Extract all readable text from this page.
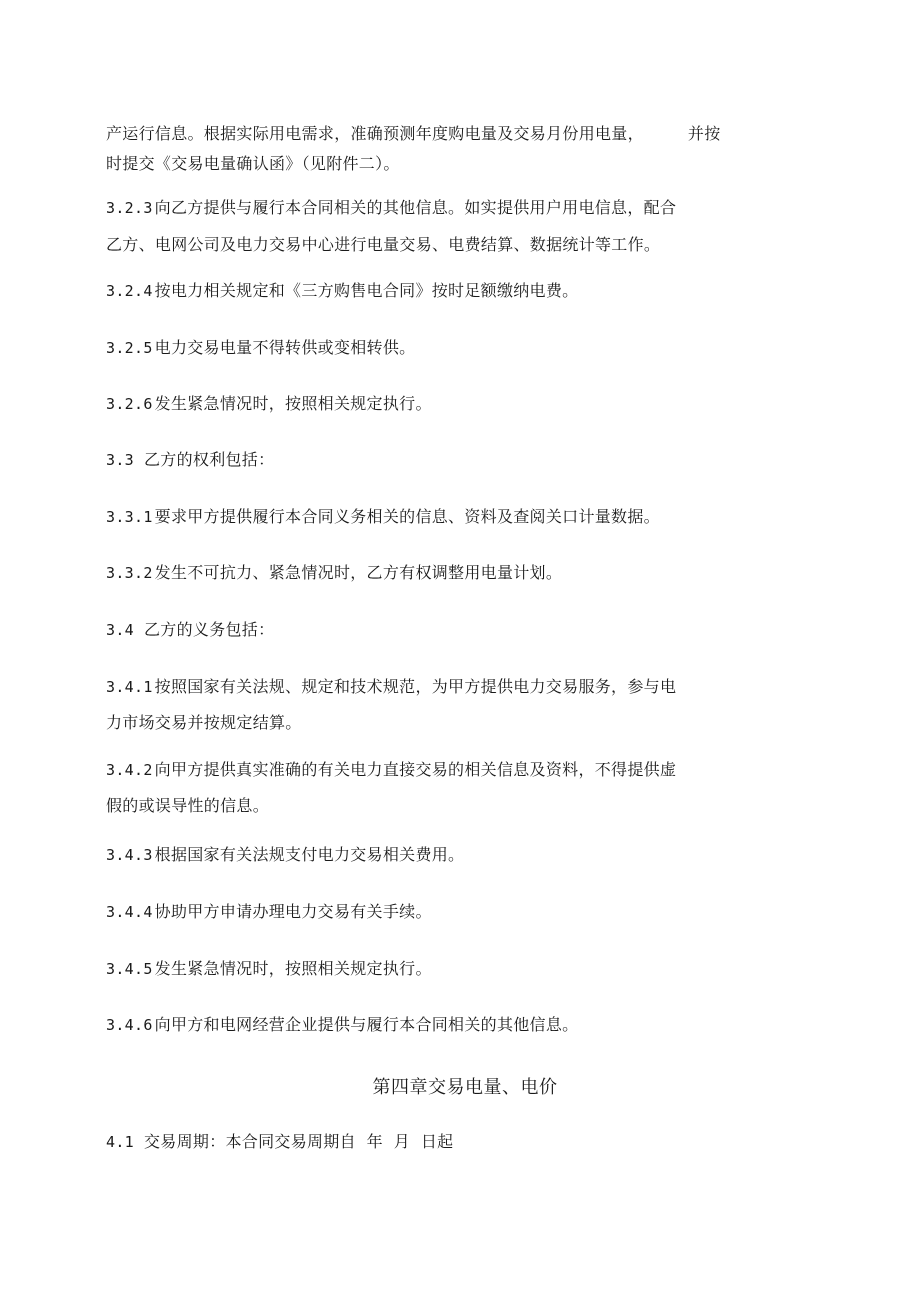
产运行信息。根据实际用电需求，准确预测年度购电量及交易月份用电量，	并按
时提交《交易电量确认函》（见附件二）。
3.2.3 向乙方提供与履行本合同相关的其他信息。如实提供用户用电信息，配合
乙方、电网公司及电力交易中心进行电量交易、电费结算、数据统计等工作。
3.2.4 按电力相关规定和《三方购售电合同》按时足额缴纳电费。
3.2.5 电力交易电量不得转供或变相转供。
3.2.6 发生紧急情况时，按照相关规定执行。
3.3 乙方的权利包括：
3.3.1 要求甲方提供履行本合同义务相关的信息、资料及查阅关口计量数据。
3.3.2 发生不可抗力、紧急情况时，乙方有权调整用电量计划。
3.4 乙方的义务包括：
3.4.1 按照国家有关法规、规定和技术规范，为甲方提供电力交易服务，参与电
力市场交易并按规定结算。
3.4.2 向甲方提供真实准确的有关电力直接交易的相关信息及资料，不得提供虚
假的或误导性的信息。
3.4.3 根据国家有关法规支付电力交易相关费用。
3.4.4 协助甲方申请办理电力交易有关手续。
3.4.5 发生紧急情况时，按照相关规定执行。
3.4.6 向甲方和电网经营企业提供与履行本合同相关的其他信息。
第四章交易电量、电价
4.1 交易周期：本合同交易周期自  年  月  日起
